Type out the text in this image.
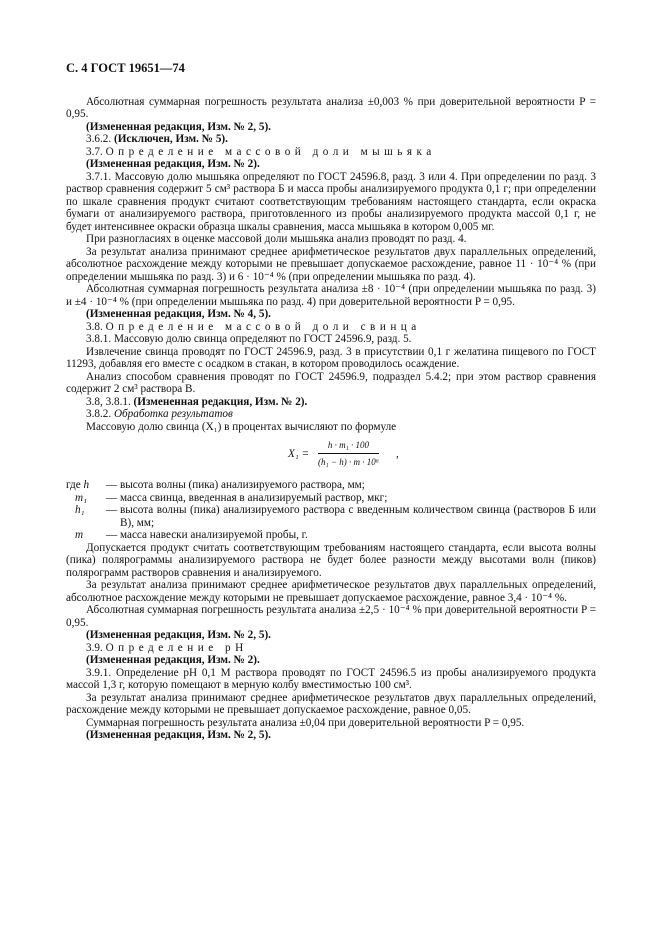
С. 4 ГОСТ 19651—74

Абсолютная суммарная погрешность результата анализа ±0,003 % при доверительной вероятности P = 0,95.

(Измененная редакция, Изм. № 2, 5).

3.6.2. (Исключен, Изм. № 5).

3.7. Определение массовой доли мышьяка

(Измененная редакция, Изм. № 2).

3.7.1. Массовую долю мышьяка определяют по ГОСТ 24596.8, разд. 3 или 4. При определении по разд. 3 раствор сравнения содержит 5 см³ раствора Б и масса пробы анализируемого продукта 0,1 г; при определении по шкале сравнения продукт считают соответствующим требованиям настоящего стандарта, если окраска бумаги от анализируемого раствора, приготовленного из пробы анализируемого продукта массой 0,1 г, не будет интенсивнее окраски образца шкалы сравнения, масса мышьяка в котором 0,005 мг.

При разногласиях в оценке массовой доли мышьяка анализ проводят по разд. 4.

За результат анализа принимают среднее арифметическое результатов двух параллельных определений, абсолютное расхождение между которыми не превышает допускаемое расхождение, равное 11 · 10⁻⁴ % (при определении мышьяка по разд. 3) и 6 · 10⁻⁴ % (при определении мышьяка по разд. 4).

Абсолютная суммарная погрешность результата анализа ±8 · 10⁻⁴ (при определении мышьяка по разд. 3) и ±4 · 10⁻⁴ % (при определении мышьяка по разд. 4) при доверительной вероятности P = 0,95.

(Измененная редакция, Изм. № 4, 5).

3.8. Определение массовой доли свинца

3.8.1. Массовую долю свинца определяют по ГОСТ 24596.9, разд. 5.

Извлечение свинца проводят по ГОСТ 24596.9, разд. 3 в присутствии 0,1 г желатина пищевого по ГОСТ 11293, добавляя его вместе с осадком в стакан, в котором проводилось осаждение.

Анализ способом сравнения проводят по ГОСТ 24596.9, подраздел 5.4.2; при этом раствор сравнения содержит 2 см³ раствора В.

3.8, 3.8.1. (Измененная редакция, Изм. № 2).

3.8.2. Обработка результатов

Массовую долю свинца (X₁) в процентах вычисляют по формуле

$X_1 = \frac{\text{h · m₁ · 100}}{\text{(h₁ − h) · m · 10⁶}}$ ,
где h	— высота волны (пика) анализируемого раствора, мм;
m₁	— масса свинца, введенная в анализируемый раствор, мкг;
h₁	— высота волны (пика) анализируемого раствора с введенным количеством свинца (растворов Б или В), мм;
m	— масса навески анализируемой пробы, г.

Допускается продукт считать соответствующим требованиям настоящего стандарта, если высота волны (пика) полярограммы анализируемого раствора не будет более разности между высотами волн (пиков) полярограмм растворов сравнения и анализируемого.

За результат анализа принимают среднее арифметическое результатов двух параллельных определений, абсолютное расхождение между которыми не превышает допускаемое расхождение, равное 3,4 · 10⁻⁴ %.

Абсолютная суммарная погрешность результата анализа ±2,5 · 10⁻⁴ % при доверительной вероятности P = 0,95.

(Измененная редакция, Изм. № 2, 5).

3.9. Определение рН

(Измененная редакция, Изм. № 2).

3.9.1. Определение pH 0,1 М раствора проводят по ГОСТ 24596.5 из пробы анализируемого продукта массой 1,3 г, которую помещают в мерную колбу вместимостью 100 см³.

За результат анализа принимают среднее арифметическое результатов двух параллельных определений, расхождение между которыми не превышает допускаемое расхождение, равное 0,05.

Суммарная погрешность результата анализа ±0,04 при доверительной вероятности P = 0,95.

(Измененная редакция, Изм. № 2, 5).
